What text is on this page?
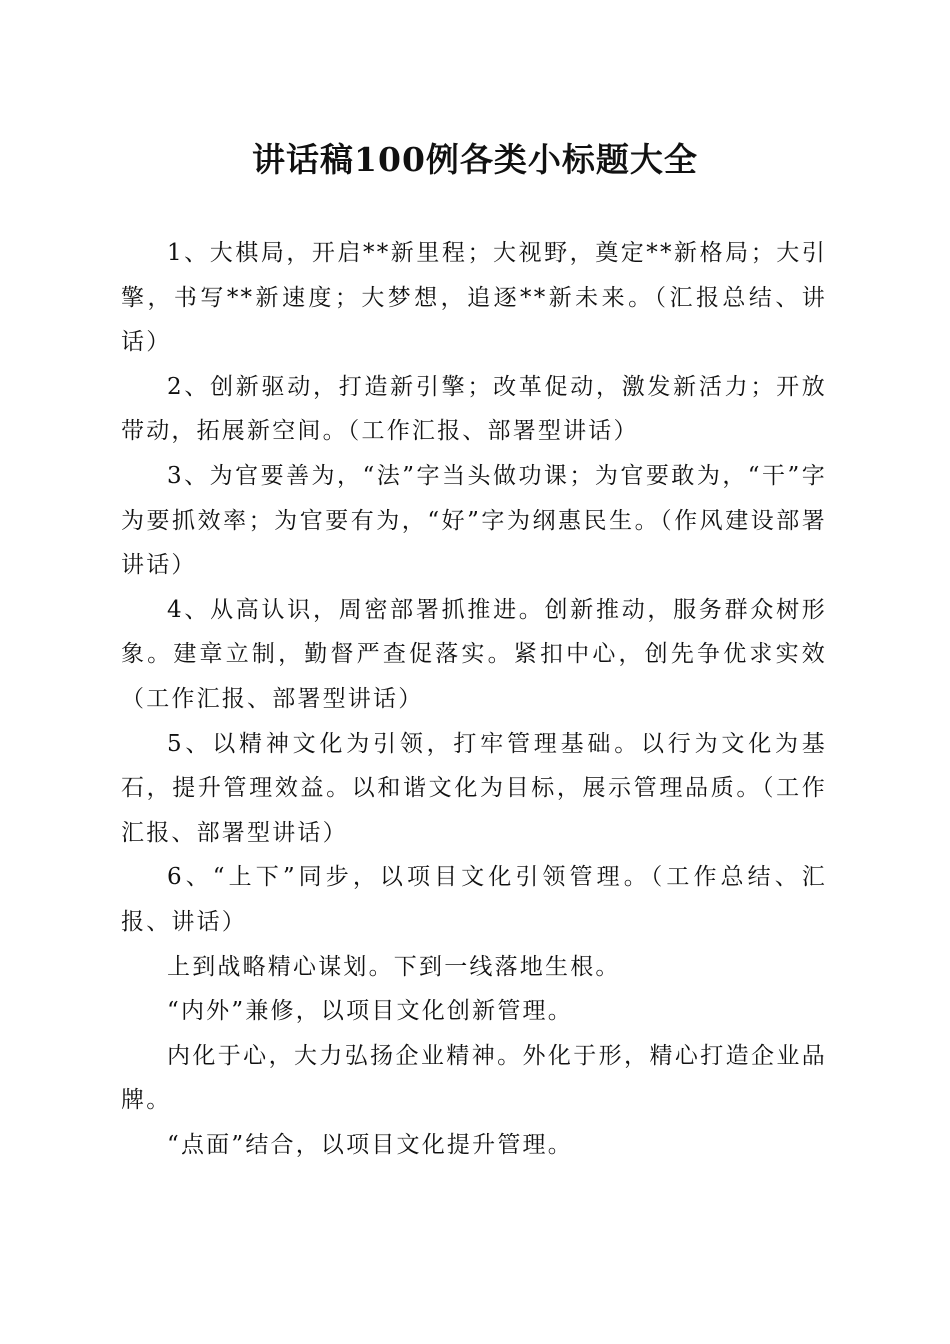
讲话稿100例各类小标题大全

1、大棋局，开启**新里程；大视野，奠定**新格局；大引擎，书写**新速度；大梦想，追逐**新未来。（汇报总结、讲话）

2、创新驱动，打造新引擎；改革促动，激发新活力；开放带动，拓展新空间。（工作汇报、部署型讲话）

3、为官要善为，“法”字当头做功课；为官要敢为，“干”字为要抓效率；为官要有为，“好”字为纲惠民生。（作风建设部署讲话）

4、从高认识，周密部署抓推进。创新推动，服务群众树形象。建章立制，勤督严查促落实。紧扣中心，创先争优求实效（工作汇报、部署型讲话）

5、以精神文化为引领，打牢管理基础。以行为文化为基石，提升管理效益。以和谐文化为目标，展示管理品质。（工作汇报、部署型讲话）

6、“上下”同步，以项目文化引领管理。（工作总结、汇报、讲话）

上到战略精心谋划。下到一线落地生根。

“内外”兼修，以项目文化创新管理。

内化于心，大力弘扬企业精神。外化于形，精心打造企业品牌。

“点面”结合，以项目文化提升管理。
